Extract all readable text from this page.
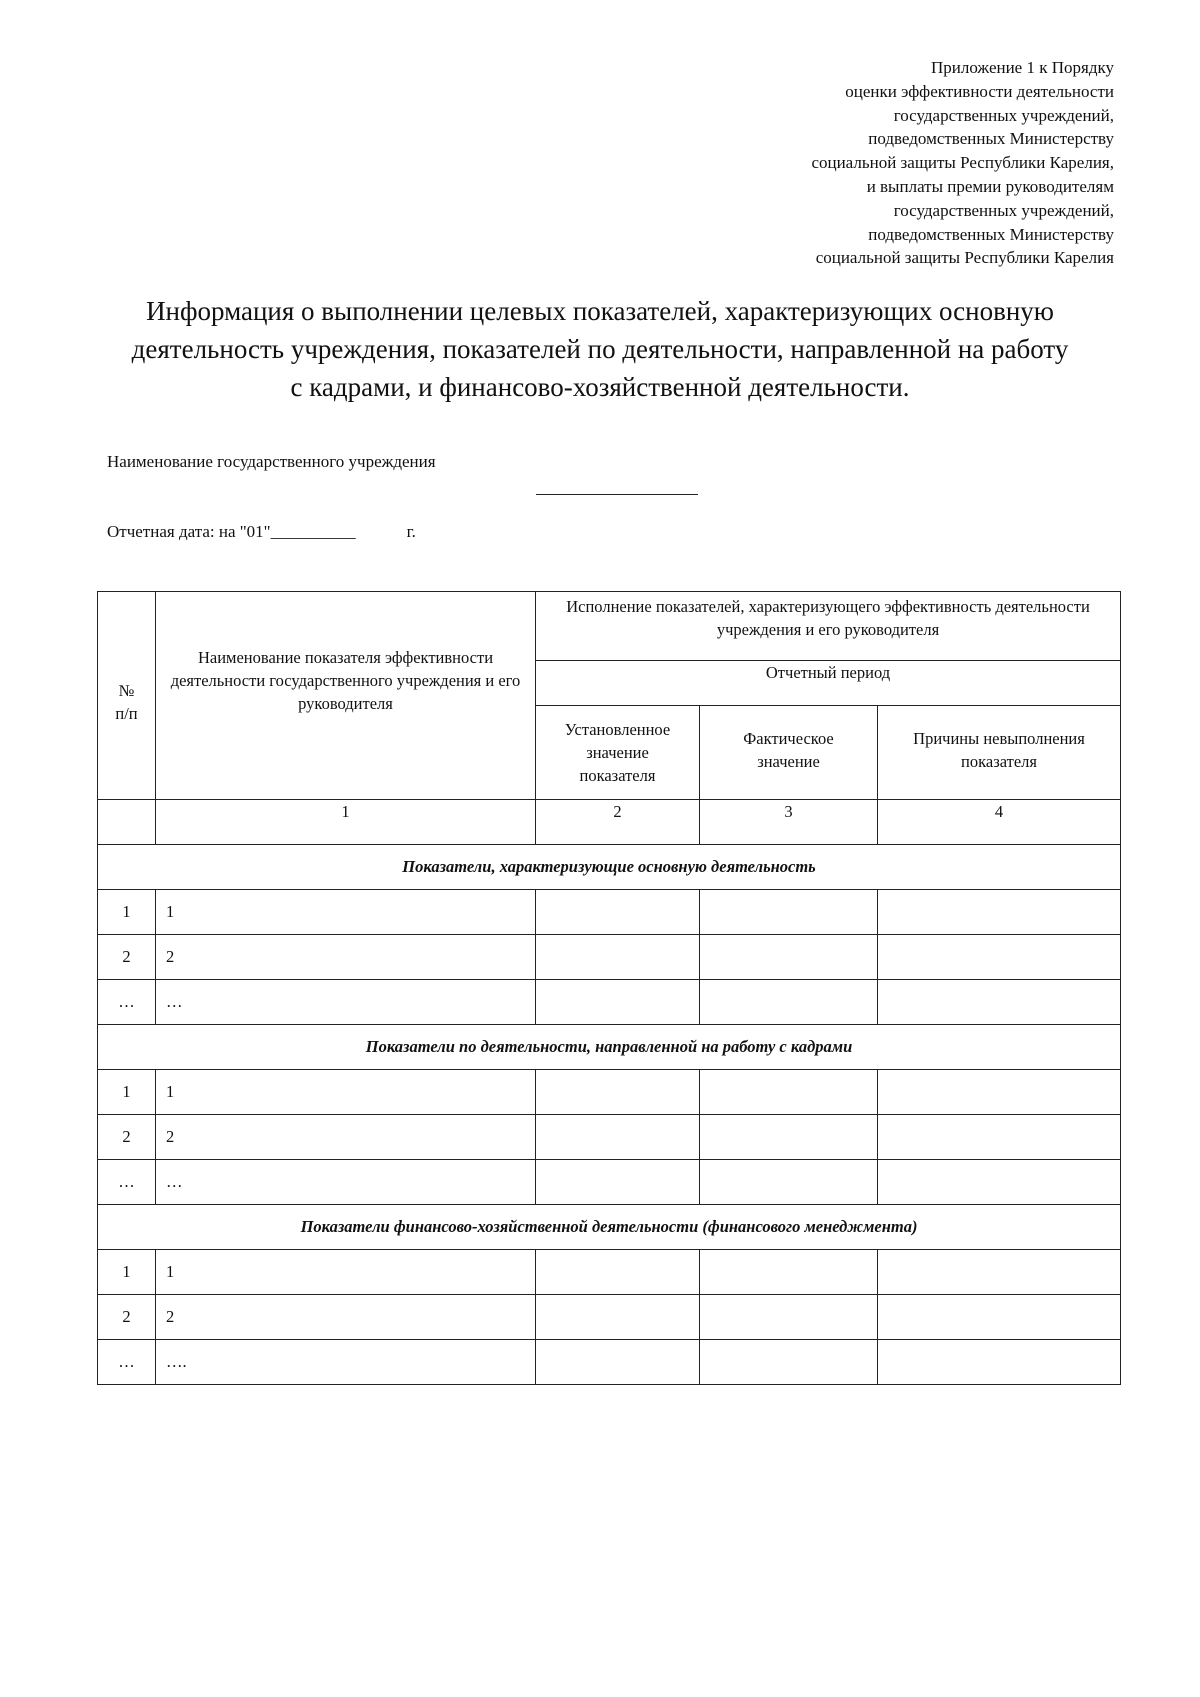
Приложение 1 к Порядку
оценки эффективности деятельности
государственных учреждений,
подведомственных Министерству
социальной защиты Республики Карелия,
и выплаты премии руководителям
государственных учреждений,
подведомственных Министерству
социальной защиты Республики Карелия
Информация о выполнении целевых показателей, характеризующих основную
деятельность учреждения, показателей по деятельности, направленной на работу
с кадрами, и финансово-хозяйственной деятельности.
Наименование государственного учреждения
Отчетная дата: на "01"__________	г.
№ п/п	Наименование показателя эффективности деятельности государственного учреждения и его руководителя	Исполнение показателей, характеризующего эффективность деятельности учреждения и его руководителя		
		Отчетный период		
		Установленное значение показателя	Фактическое значение	Причины невыполнения показателя
	1	2	3	4
Показатели, характеризующие основную деятельность				
1	1			
2	2			
…	…			
Показатели по деятельности, направленной на работу с кадрами				
1	1			
2	2			
…	…			
Показатели финансово-хозяйственной деятельности (финансового менеджмента)				
1	1			
2	2			
…	….			
